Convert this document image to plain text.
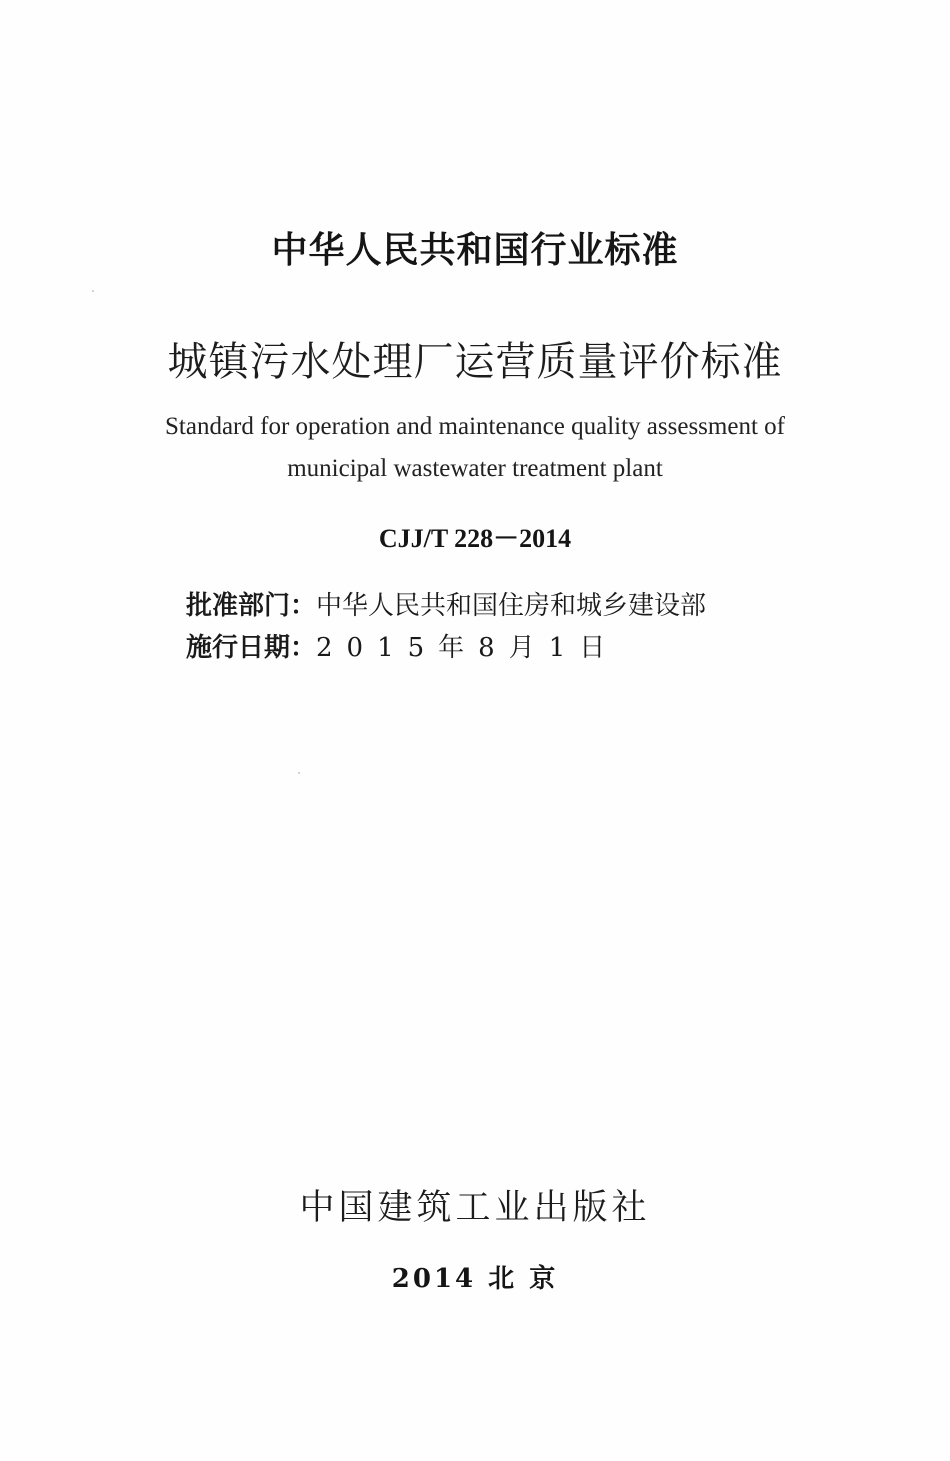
中华人民共和国行业标准
城镇污水处理厂运营质量评价标准
Standard for operation and maintenance quality assessment of
municipal wastewater treatment plant
CJJ/T 228－2014
批准部门：中华人民共和国住房和城乡建设部
施行日期：2015年8月1日
中国建筑工业出版社
2014 北 京
